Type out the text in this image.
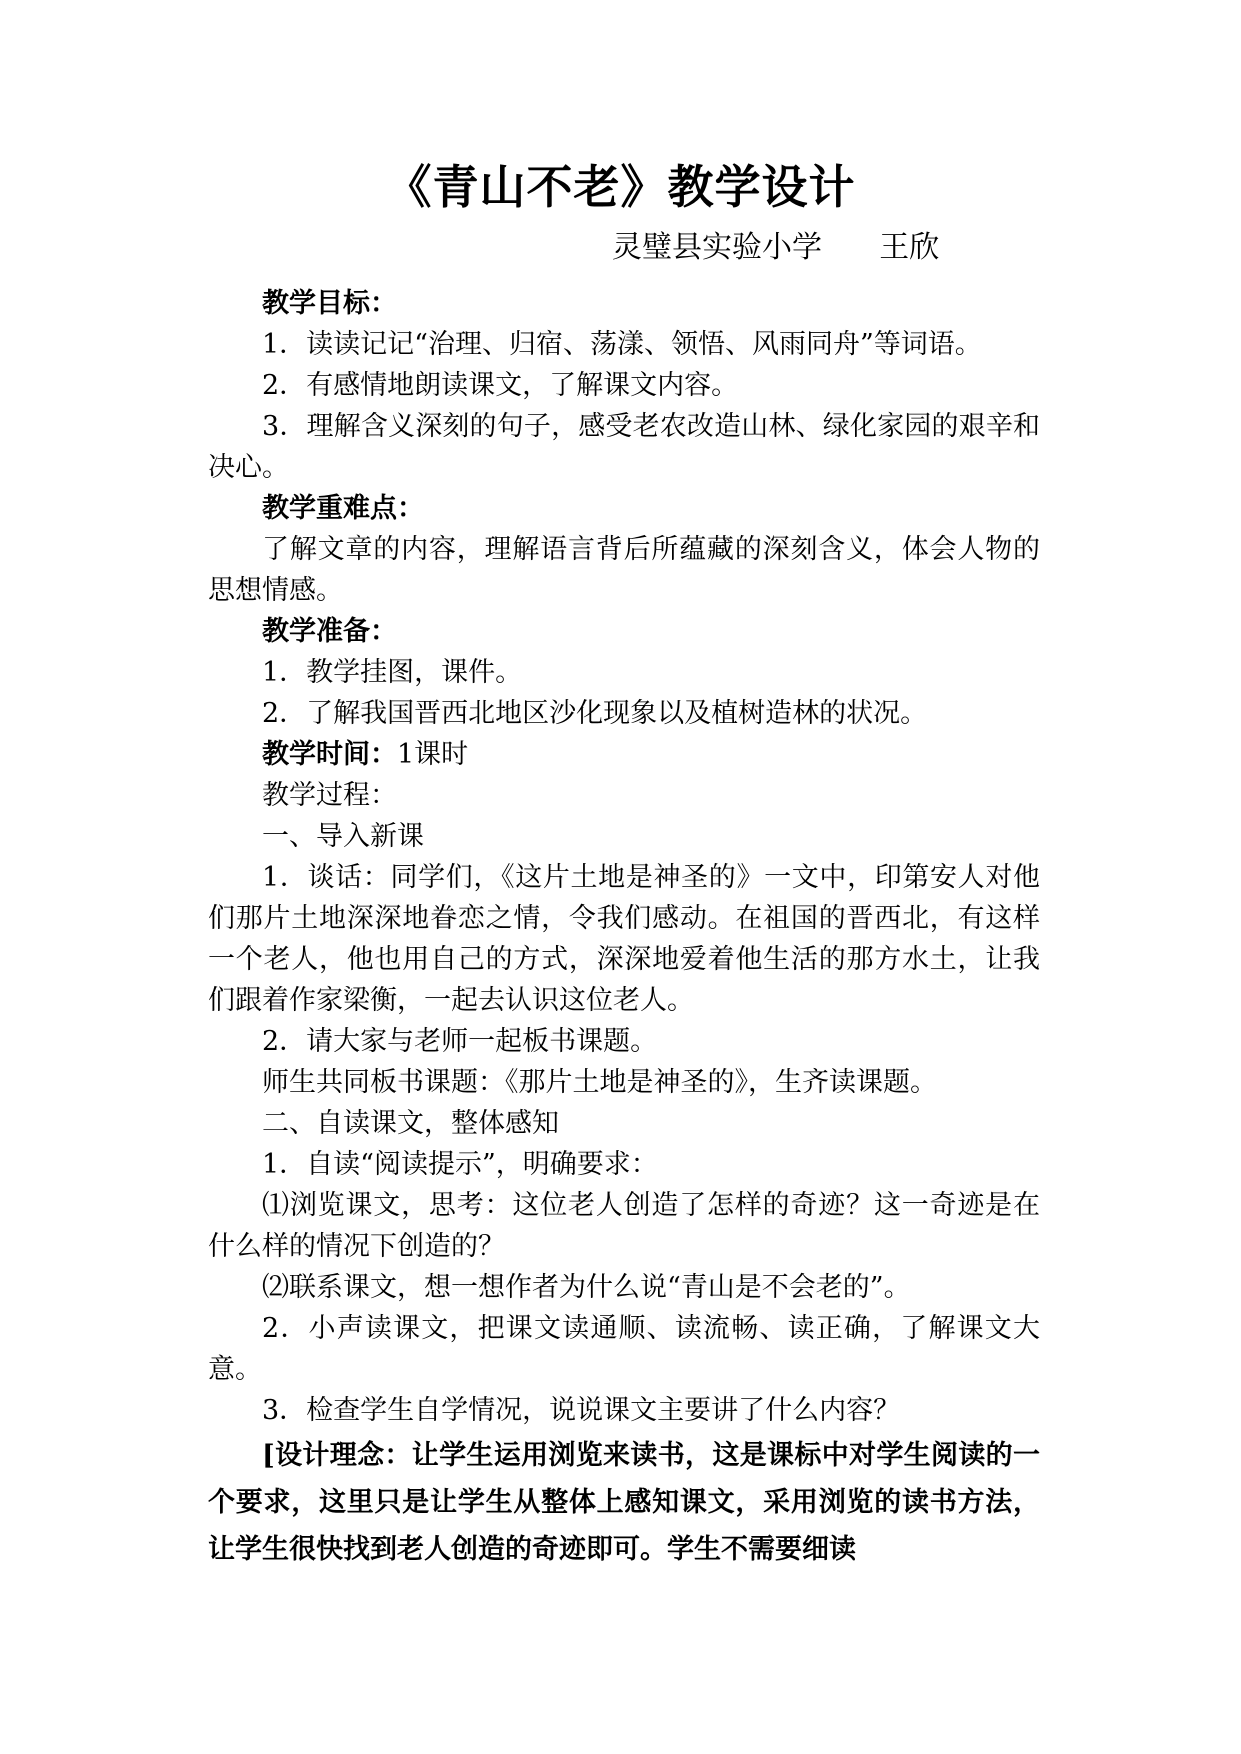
《青山不老》教学设计
灵璧县实验小学      王欣

教学目标：

1．读读记记“治理、归宿、荡漾、领悟、风雨同舟”等词语。

2．有感情地朗读课文，了解课文内容。

3．理解含义深刻的句子，感受老农改造山林、绿化家园的艰辛和决心。

教学重难点：

了解文章的内容，理解语言背后所蕴藏的深刻含义，体会人物的思想情感。

教学准备：

1．教学挂图，课件。

2．了解我国晋西北地区沙化现象以及植树造林的状况。

教学时间：1课时

教学过程：

一、导入新课

1．谈话：同学们，《这片土地是神圣的》一文中，印第安人对他们那片土地深深地眷恋之情，令我们感动。在祖国的晋西北，有这样一个老人，他也用自己的方式，深深地爱着他生活的那方水土，让我们跟着作家梁衡，一起去认识这位老人。

2．请大家与老师一起板书课题。

师生共同板书课题：《那片土地是神圣的》，生齐读课题。

二、自读课文，整体感知

1．自读“阅读提示”，明确要求：

⑴浏览课文，思考：这位老人创造了怎样的奇迹？这一奇迹是在什么样的情况下创造的？

⑵联系课文，想一想作者为什么说“青山是不会老的”。

2．小声读课文，把课文读通顺、读流畅、读正确，了解课文大意。

3．检查学生自学情况，说说课文主要讲了什么内容？

[设计理念：让学生运用浏览来读书，这是课标中对学生阅读的一个要求，这里只是让学生从整体上感知课文，采用浏览的读书方法，让学生很快找到老人创造的奇迹即可。学生不需要细读
